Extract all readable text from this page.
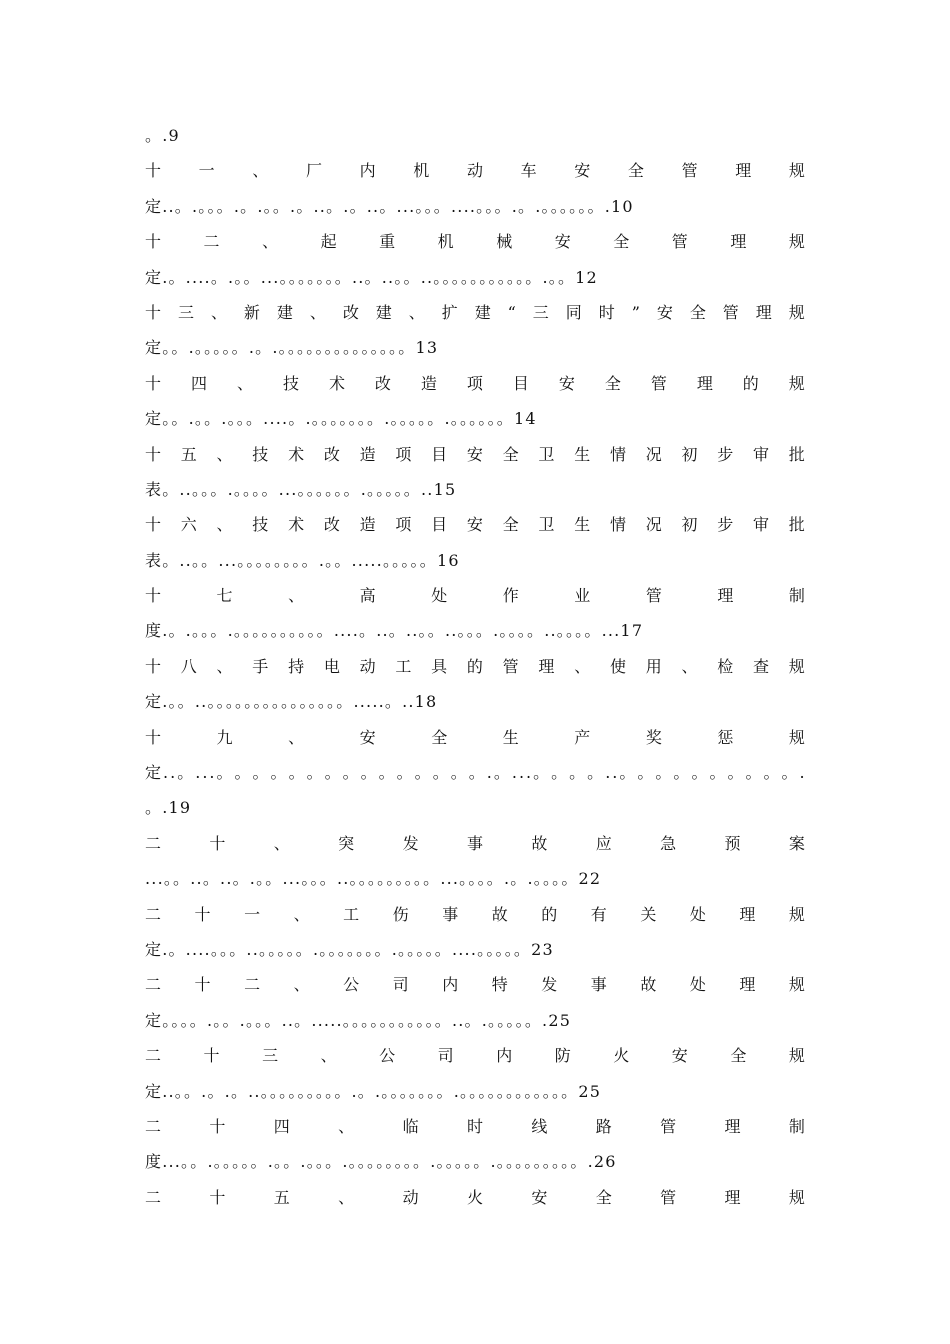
。.9
十 一 、 厂 内 机 动 车 安 全 管 理 规
定..。.。。。.。.。。.。..。.。..。...。。。....。。。.。.。。。。。。.10
十	二	、	起	重	机	械	安	全	管	理	规
定.。....。.。。...。。。。。。。..。..。。..。。。。。。。。。。。.。。12
十 三 、 新 建 、 改 建 、 扩 建 “ 三 同 时 ” 安 全 管 理 规
定。。.。。。。。.。.。。。。。。。。。。。。。。13
十 四 、 技 术 改 造 项 目 安 全 管 理 的 规
定。。.。。.。。。....。.。。。。。。。.。。。。。.。。。。。。14
十 五 、 技 术 改 造 项 目 安 全 卫 生 情 况 初 步 审 批
表。..。。。.。。。。...。。。。。。.。。。。。..15
十 六 、 技 术 改 造 项 目 安 全 卫 生 情 况 初 步 审 批
表。..。。...。。。。。。。。.。。.....。。。。。16
十	七	、	高	处	作	业	管	理	制
度.。.。。。.。。。。。。。。。。....。..。..。。..。。。.。。。。..。。。。...17
十 八 、 手 持 电 动 工 具 的 管 理 、 使 用 、 检 查 规
定.。。..。。。。。。。。。。。。。。。.....。..18
十	九	、	安	全	生	产	奖	惩	规
定 . . 。 . . . 。 。 。 。 。 。 。 。 。 。 。 。 。 。 。 . 。 . . . 。 。 。 。 . . 。 。 。 。 。 。 。 。 。 。 .
。.19
二	十	、	突	发	事	故	应	急	预	案
...。。..。..。.。。...。。。..。。。。。。。。。...。。。。.。.。。。。22
二 十 一 、 工 伤 事 故 的 有 关 处 理 规
定.。....。。。..。。。。。.。。。。。。。.。。。。。....。。。。。23
二 十 二 、 公 司 内 特 发 事 故 处 理 规
定。。。。.。。.。。。..。.....。。。。。。。。。。。..。.。。。。。.25
二	十	三	、	公	司	内	防	火	安	全	规
定..。。.。.。..。。。。。。。。。.。.。。。。。。。.。。。。。。。。。。。。25
二	十	四	、	临	时	线	路	管	理	制
度...。。.。。。。。.。。.。。。.。。。。。。。。.。。。。。.。。。。。。。。。.26
二	十	五	、	动	火	安	全	管	理	规
